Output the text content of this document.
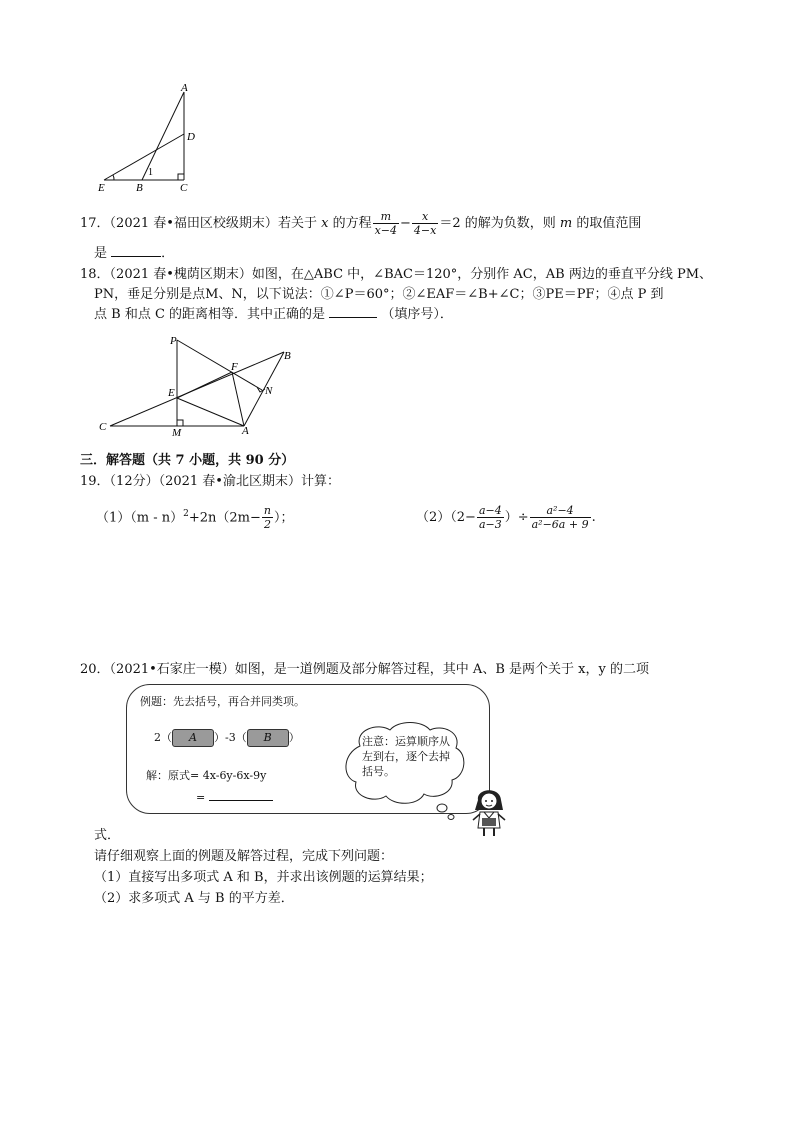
A
D
E	B	C
1
17．（2021 春•福田区校级期末）若关于 x 的方程 $\frac{m}{x-4} - \frac{x}{4-x} =2$ 的解为负数，则 m 的取值范围
是	．
18．（2021 春•槐荫区期末）如图，在△ABC 中，∠BAC＝120°，分别作 AC，AB 两边的垂直平分线 PM、
PN，垂足分别是点M、N，以下说法：①∠P＝60°；②∠EAF＝∠B+∠C；③PE＝PF；④点 P 到
点 B 和点 C 的距离相等．其中正确的是	（填序号）．
P
B
F
N
E
C	M	A
三．解答题（共 7 小题，共 90 分）
19．（12分）（2021 春•渝北区期末）计算：
$(1)(m - n)^2+2n(2m- \frac{n}{2}$ ）；	$(2)(2- \frac{a-4}{a-3}$ ）÷ $\frac{\text{a²−4}}{\text{a²−6a + 9}}$ .
20．（2021•石家庄一模）如图，是一道例题及部分解答过程，其中 A、B 是两个关于 x，y 的二项
例题：先去括号，再合并同类项。
2（ A ）-3（ B ）
解：原式= 4x-6y-6x-9y
=
注意：运算顺序从
左到右，逐个去掉
括号。
式．
请仔细观察上面的例题及解答过程，完成下列问题：
（1）直接写出多项式 A 和 B，并求出该例题的运算结果；
（2）求多项式 A 与 B 的平方差．
